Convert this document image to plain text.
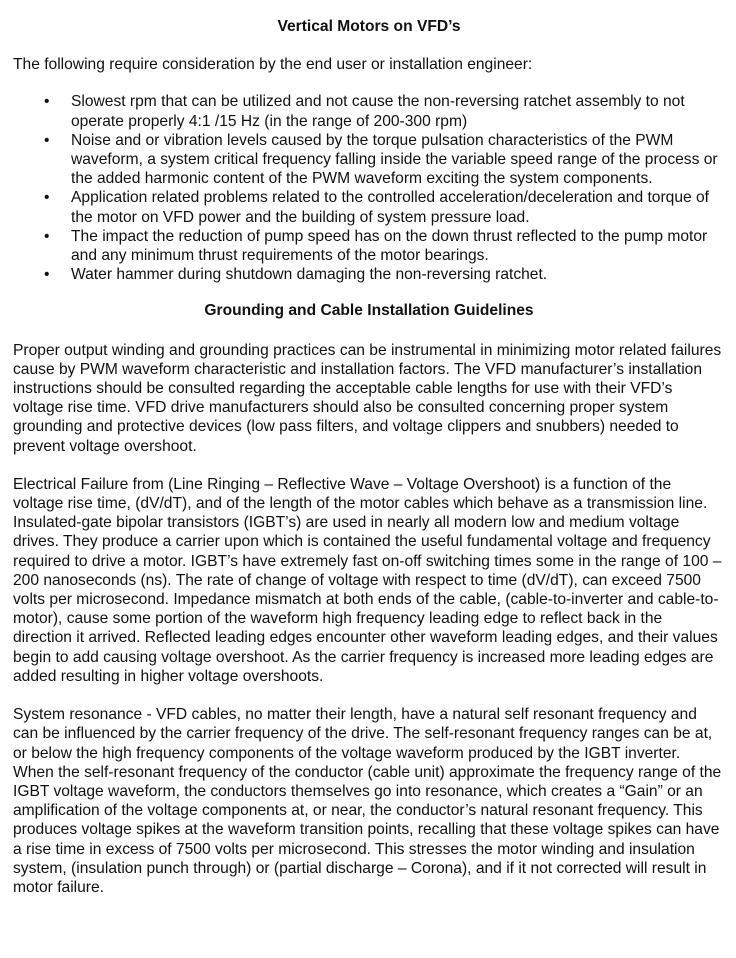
Vertical Motors on VFD’s

The following require consideration by the end user or installation engineer:

• Slowest rpm that can be utilized and not cause the non-reversing ratchet assembly to not operate properly 4:1 /15 Hz (in the range of 200-300 rpm)
• Noise and or vibration levels caused by the torque pulsation characteristics of the PWM waveform, a system critical frequency falling inside the variable speed range of the process or the added harmonic content of the PWM waveform exciting the system components.
• Application related problems related to the controlled acceleration/deceleration and torque of the motor on VFD power and the building of system pressure load.
• The impact the reduction of pump speed has on the down thrust reflected to the pump motor and any minimum thrust requirements of the motor bearings.
• Water hammer during shutdown damaging the non-reversing ratchet.

Grounding and Cable Installation Guidelines

Proper output winding and grounding practices can be instrumental in minimizing motor related failures cause by PWM waveform characteristic and installation factors. The VFD manufacturer’s installation instructions should be consulted regarding the acceptable cable lengths for use with their VFD’s voltage rise time. VFD drive manufacturers should also be consulted concerning proper system grounding and protective devices (low pass filters, and voltage clippers and snubbers) needed to prevent voltage overshoot.

Electrical Failure from (Line Ringing – Reflective Wave – Voltage Overshoot) is a function of the voltage rise time, (dV/dT), and of the length of the motor cables which behave as a transmission line. Insulated-gate bipolar transistors (IGBT’s) are used in nearly all modern low and medium voltage drives. They produce a carrier upon which is contained the useful fundamental voltage and frequency required to drive a motor. IGBT’s have extremely fast on-off switching times some in the range of 100 – 200 nanoseconds (ns). The rate of change of voltage with respect to time (dV/dT), can exceed 7500 volts per microsecond. Impedance mismatch at both ends of the cable, (cable-to-inverter and cable-to-motor), cause some portion of the waveform high frequency leading edge to reflect back in the direction it arrived. Reflected leading edges encounter other waveform leading edges, and their values begin to add causing voltage overshoot. As the carrier frequency is increased more leading edges are added resulting in higher voltage overshoots.

System resonance - VFD cables, no matter their length, have a natural self resonant frequency and can be influenced by the carrier frequency of the drive. The self-resonant frequency ranges can be at, or below the high frequency components of the voltage waveform produced by the IGBT inverter. When the self-resonant frequency of the conductor (cable unit) approximate the frequency range of the IGBT voltage waveform, the conductors themselves go into resonance, which creates a “Gain” or an amplification of the voltage components at, or near, the conductor’s natural resonant frequency. This produces voltage spikes at the waveform transition points, recalling that these voltage spikes can have a rise time in excess of 7500 volts per microsecond. This stresses the motor winding and insulation system, (insulation punch through) or (partial discharge – Corona), and if it not corrected will result in motor failure.
